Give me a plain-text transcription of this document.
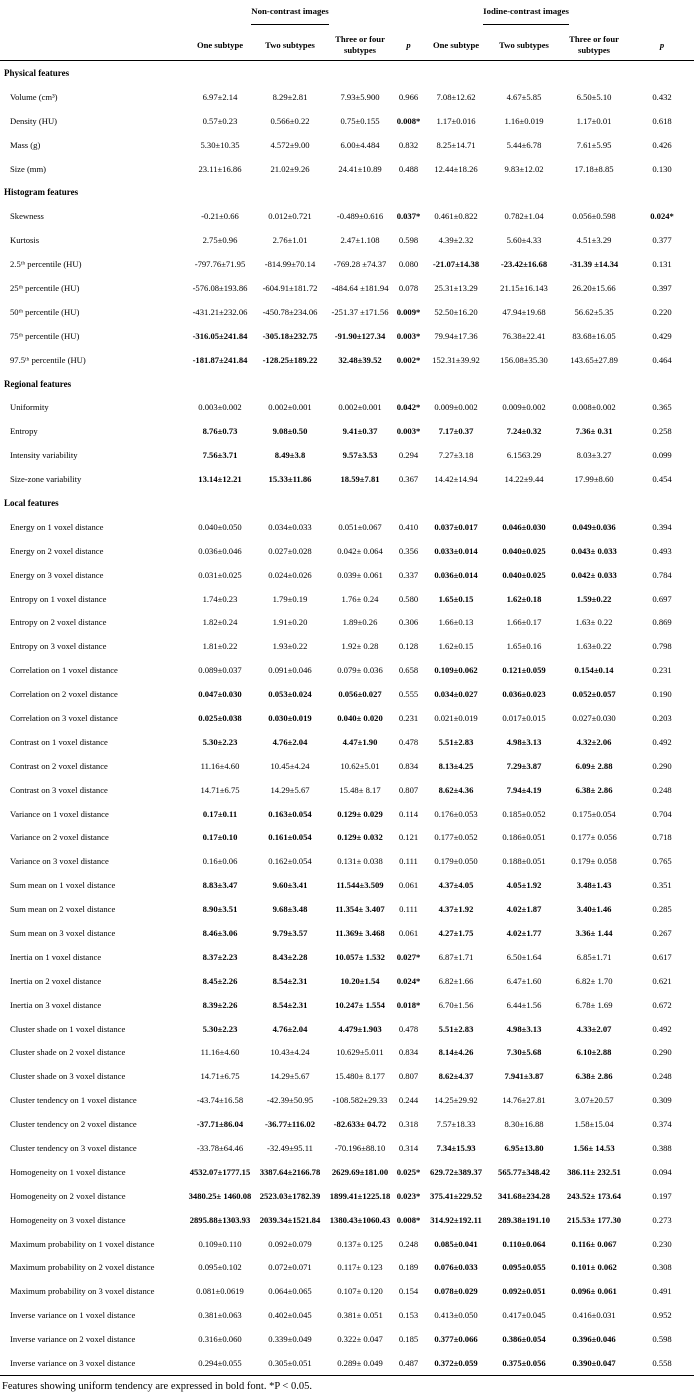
	Non-contrast images				Iodine-contrast images			
	One subtype	Two subtypes	Three or four subtypes	p	One subtype	Two subtypes	Three or four subtypes	p
Physical features								
Volume (cm³)	6.97±2.14	8.29±2.81	7.93±5.900	0.966	7.08±12.62	4.67±5.85	6.50±5.10	0.432
Density (HU)	0.57±0.23	0.566±0.22	0.75±0.155	0.008*	1.17±0.016	1.16±0.019	1.17±0.01	0.618
Mass (g)	5.30±10.35	4.572±9.00	6.00±4.484	0.832	8.25±14.71	5.44±6.78	7.61±5.95	0.426
Size (mm)	23.11±16.86	21.02±9.26	24.41±10.89	0.488	12.44±18.26	9.83±12.02	17.18±8.85	0.130
Histogram features								
Skewness	-0.21±0.66	0.012±0.721	-0.489±0.616	0.037*	0.461±0.822	0.782±1.04	0.056±0.598	0.024*
Kurtosis	2.75±0.96	2.76±1.01	2.47±1.108	0.598	4.39±2.32	5.60±4.33	4.51±3.29	0.377
2.5ᵗʰ percentile (HU)	-797.76±71.95	-814.99±70.14	-769.28 ±74.37	0.080	-21.07±14.38	-23.42±16.68	-31.39 ±14.34	0.131
25ᵗʰ percentile (HU)	-576.08±193.86	-604.91±181.72	-484.64 ±181.94	0.078	25.31±13.29	21.15±16.143	26.20±15.66	0.397
50ᵗʰ percentile (HU)	-431.21±232.06	-450.78±234.06	-251.37 ±171.56	0.009*	52.50±16.20	47.94±19.68	56.62±5.35	0.220
75ᵗʰ percentile (HU)	-316.05±241.84	-305.18±232.75	-91.90±127.34	0.003*	79.94±17.36	76.38±22.41	83.68±16.05	0.429
97.5ᵗʰ percentile (HU)	-181.87±241.84	-128.25±189.22	32.48±39.52	0.002*	152.31±39.92	156.08±35.30	143.65±27.89	0.464
Regional features								
Uniformity	0.003±0.002	0.002±0.001	0.002±0.001	0.042*	0.009±0.002	0.009±0.002	0.008±0.002	0.365
Entropy	8.76±0.73	9.08±0.50	9.41±0.37	0.003*	7.17±0.37	7.24±0.32	7.36± 0.31	0.258
Intensity variability	7.56±3.71	8.49±3.8	9.57±3.53	0.294	7.27±3.18	6.1563.29	8.03±3.27	0.099
Size-zone variability	13.14±12.21	15.33±11.86	18.59±7.81	0.367	14.42±14.94	14.22±9.44	17.99±8.60	0.454
Local features								
Energy on 1 voxel distance	0.040±0.050	0.034±0.033	0.051±0.067	0.410	0.037±0.017	0.046±0.030	0.049±0.036	0.394
Energy on 2 voxel distance	0.036±0.046	0.027±0.028	0.042± 0.064	0.356	0.033±0.014	0.040±0.025	0.043± 0.033	0.493
Energy on 3 voxel distance	0.031±0.025	0.024±0.026	0.039± 0.061	0.337	0.036±0.014	0.040±0.025	0.042± 0.033	0.784
Entropy on 1 voxel distance	1.74±0.23	1.79±0.19	1.76± 0.24	0.580	1.65±0.15	1.62±0.18	1.59±0.22	0.697
Entropy on 2 voxel distance	1.82±0.24	1.91±0.20	1.89±0.26	0.306	1.66±0.13	1.66±0.17	1.63± 0.22	0.869
Entropy on 3 voxel distance	1.81±0.22	1.93±0.22	1.92± 0.28	0.128	1.62±0.15	1.65±0.16	1.63±0.22	0.798
Correlation on 1 voxel distance	0.089±0.037	0.091±0.046	0.079± 0.036	0.658	0.109±0.062	0.121±0.059	0.154±0.14	0.231
Correlation on 2 voxel distance	0.047±0.030	0.053±0.024	0.056±0.027	0.555	0.034±0.027	0.036±0.023	0.052±0.057	0.190
Correlation on 3 voxel distance	0.025±0.038	0.030±0.019	0.040± 0.020	0.231	0.021±0.019	0.017±0.015	0.027±0.030	0.203
Contrast on 1 voxel distance	5.30±2.23	4.76±2.04	4.47±1.90	0.478	5.51±2.83	4.98±3.13	4.32±2.06	0.492
Contrast on 2 voxel distance	11.16±4.60	10.45±4.24	10.62±5.01	0.834	8.13±4.25	7.29±3.87	6.09± 2.88	0.290
Contrast on 3 voxel distance	14.71±6.75	14.29±5.67	15.48± 8.17	0.807	8.62±4.36	7.94±4.19	6.38± 2.86	0.248
Variance on 1 voxel distance	0.17±0.11	0.163±0.054	0.129± 0.029	0.114	0.176±0.053	0.185±0.052	0.175±0.054	0.704
Variance on 2 voxel distance	0.17±0.10	0.161±0.054	0.129± 0.032	0.121	0.177±0.052	0.186±0.051	0.177± 0.056	0.718
Variance on 3 voxel distance	0.16±0.06	0.162±0.054	0.131± 0.038	0.111	0.179±0.050	0.188±0.051	0.179± 0.058	0.765
Sum mean on 1 voxel distance	8.83±3.47	9.60±3.41	11.544±3.509	0.061	4.37±4.05	4.05±1.92	3.48±1.43	0.351
Sum mean on 2 voxel distance	8.90±3.51	9.68±3.48	11.354± 3.407	0.111	4.37±1.92	4.02±1.87	3.40±1.46	0.285
Sum mean on 3 voxel distance	8.46±3.06	9.79±3.57	11.369± 3.468	0.061	4.27±1.75	4.02±1.77	3.36± 1.44	0.267
Inertia on 1 voxel distance	8.37±2.23	8.43±2.28	10.057± 1.532	0.027*	6.87±1.71	6.50±1.64	6.85±1.71	0.617
Inertia on 2 voxel distance	8.45±2.26	8.54±2.31	10.20±1.54	0.024*	6.82±1.66	6.47±1.60	6.82± 1.70	0.621
Inertia on 3 voxel distance	8.39±2.26	8.54±2.31	10.247± 1.554	0.018*	6.70±1.56	6.44±1.56	6.78± 1.69	0.672
Cluster shade on 1 voxel distance	5.30±2.23	4.76±2.04	4.479±1.903	0.478	5.51±2.83	4.98±3.13	4.33±2.07	0.492
Cluster shade on 2 voxel distance	11.16±4.60	10.43±4.24	10.629±5.011	0.834	8.14±4.26	7.30±5.68	6.10±2.88	0.290
Cluster shade on 3 voxel distance	14.71±6.75	14.29±5.67	15.480± 8.177	0.807	8.62±4.37	7.941±3.87	6.38± 2.86	0.248
Cluster tendency on 1 voxel distance	-43.74±16.58	-42.39±50.95	-108.582±29.33	0.244	14.25±29.92	14.76±27.81	3.07±20.57	0.309
Cluster tendency on 2 voxel distance	-37.71±86.04	-36.77±116.02	-82.633± 04.72	0.318	7.57±18.33	8.30±16.88	1.58±15.04	0.374
Cluster tendency on 3 voxel distance	-33.78±64.46	-32.49±95.11	-70.196±88.10	0.314	7.34±15.93	6.95±13.80	1.56± 14.53	0.388
Homogeneity on 1 voxel distance	4532.07±1777.15	3387.64±2166.78	2629.69±181.00	0.025*	629.72±389.37	565.77±348.42	386.11± 232.51	0.094
Homogeneity on 2 voxel distance	3480.25± 1460.08	2523.03±1782.39	1899.41±1225.18	0.023*	375.41±229.52	341.68±234.28	243.52± 173.64	0.197
Homogeneity on 3 voxel distance	2895.88±1303.93	2039.34±1521.84	1380.43±1060.43	0.008*	314.92±192.11	289.38±191.10	215.53± 177.30	0.273
Maximum probability on 1 voxel distance	0.109±0.110	0.092±0.079	0.137± 0.125	0.248	0.085±0.041	0.110±0.064	0.116± 0.067	0.230
Maximum probability on 2 voxel distance	0.095±0.102	0.072±0.071	0.117± 0.123	0.189	0.076±0.033	0.095±0.055	0.101± 0.062	0.308
Maximum probability on 3 voxel distance	0.081±0.0619	0.064±0.065	0.107± 0.120	0.154	0.078±0.029	0.092±0.051	0.096± 0.061	0.491
Inverse variance on 1 voxel distance	0.381±0.063	0.402±0.045	0.381± 0.051	0.153	0.413±0.050	0.417±0.045	0.416±0.031	0.952
Inverse variance on 2 voxel distance	0.316±0.060	0.339±0.049	0.322± 0.047	0.185	0.377±0.066	0.386±0.054	0.396±0.046	0.598
Inverse variance on 3 voxel distance	0.294±0.055	0.305±0.051	0.289± 0.049	0.487	0.372±0.059	0.375±0.056	0.390±0.047	0.558
Features showing uniform tendency are expressed in bold font. *P < 0.05.
